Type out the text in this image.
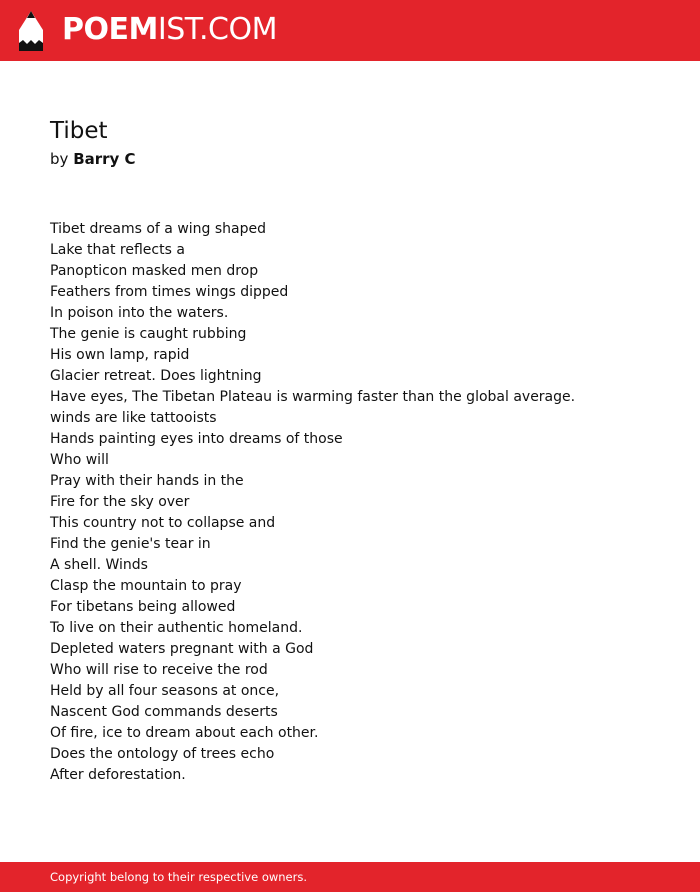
POEMIST.COM
Tibet
by Barry C
Tibet dreams of a wing shaped
Lake that reflects a
Panopticon masked men drop
Feathers from times wings dipped
In poison into the waters.
The genie is caught rubbing
His own lamp, rapid
Glacier retreat. Does lightning
Have eyes, The Tibetan Plateau is warming faster than the global average.
winds are like tattooists
Hands painting eyes into dreams of those
Who will
Pray with their hands in the
Fire for the sky over
This country not to collapse and
Find the genie's tear in
A shell. Winds
Clasp the mountain to pray
For tibetans being allowed
To live on their authentic homeland.
Depleted waters pregnant with a God
Who will rise to receive the rod
Held by all four seasons at once,
Nascent God commands deserts
Of fire, ice to dream about each other.
Does the ontology of trees echo
After deforestation.
Copyright belong to their respective owners.
